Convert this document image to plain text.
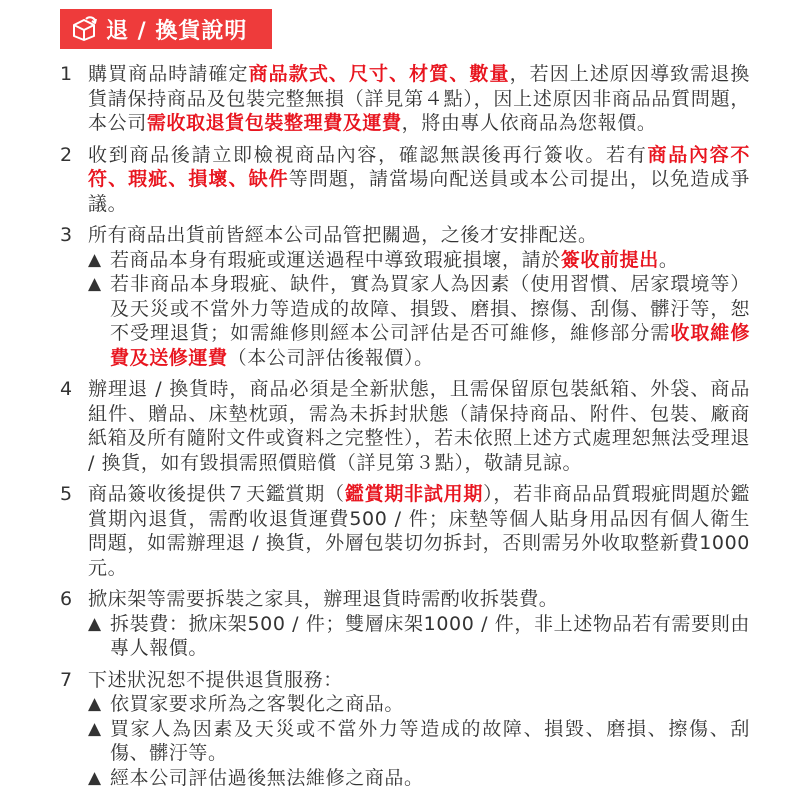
退 / 換貨說明
1 購買商品時請確定商品款式、尺寸、材質、數量，若因上述原因導致需退換貨請保持商品及包裝完整無損（詳見第４點），因上述原因非商品品質問題，本公司需收取退貨包裝整理費及運費，將由專人依商品為您報價。
2 收到商品後請立即檢視商品內容，確認無誤後再行簽收。若有商品內容不符、瑕疵、損壞、缺件等問題，請當場向配送員或本公司提出，以免造成爭議。
3 所有商品出貨前皆經本公司品管把關過，之後才安排配送。
▲ 若商品本身有瑕疵或運送過程中導致瑕疵損壞，請於簽收前提出。
▲ 若非商品本身瑕疵、缺件，實為買家人為因素（使用習慣、居家環境等）及天災或不當外力等造成的故障、損毀、磨損、擦傷、刮傷、髒汙等，恕不受理退貨；如需維修則經本公司評估是否可維修，維修部分需收取維修費及送修運費（本公司評估後報價）。
4 辦理退 / 換貨時，商品必須是全新狀態，且需保留原包裝紙箱、外袋、商品組件、贈品、床墊枕頭，需為未拆封狀態（請保持商品、附件、包裝、廠商紙箱及所有隨附文件或資料之完整性），若未依照上述方式處理恕無法受理退 / 換貨，如有毀損需照價賠償（詳見第３點），敬請見諒。
5 商品簽收後提供７天鑑賞期（鑑賞期非試用期），若非商品品質瑕疵問題於鑑賞期內退貨，需酌收退貨運費500 / 件；床墊等個人貼身用品因有個人衛生問題，如需辦理退 / 換貨，外層包裝切勿拆封，否則需另外收取整新費1000元。
6 掀床架等需要拆裝之家具，辦理退貨時需酌收拆裝費。
▲ 拆裝費：掀床架500 / 件；雙層床架1000 / 件，非上述物品若有需要則由專人報價。
7 下述狀況恕不提供退貨服務：
▲ 依買家要求所為之客製化之商品。
▲ 買家人為因素及天災或不當外力等造成的故障、損毀、磨損、擦傷、刮傷、髒汙等。
▲ 經本公司評估過後無法維修之商品。
